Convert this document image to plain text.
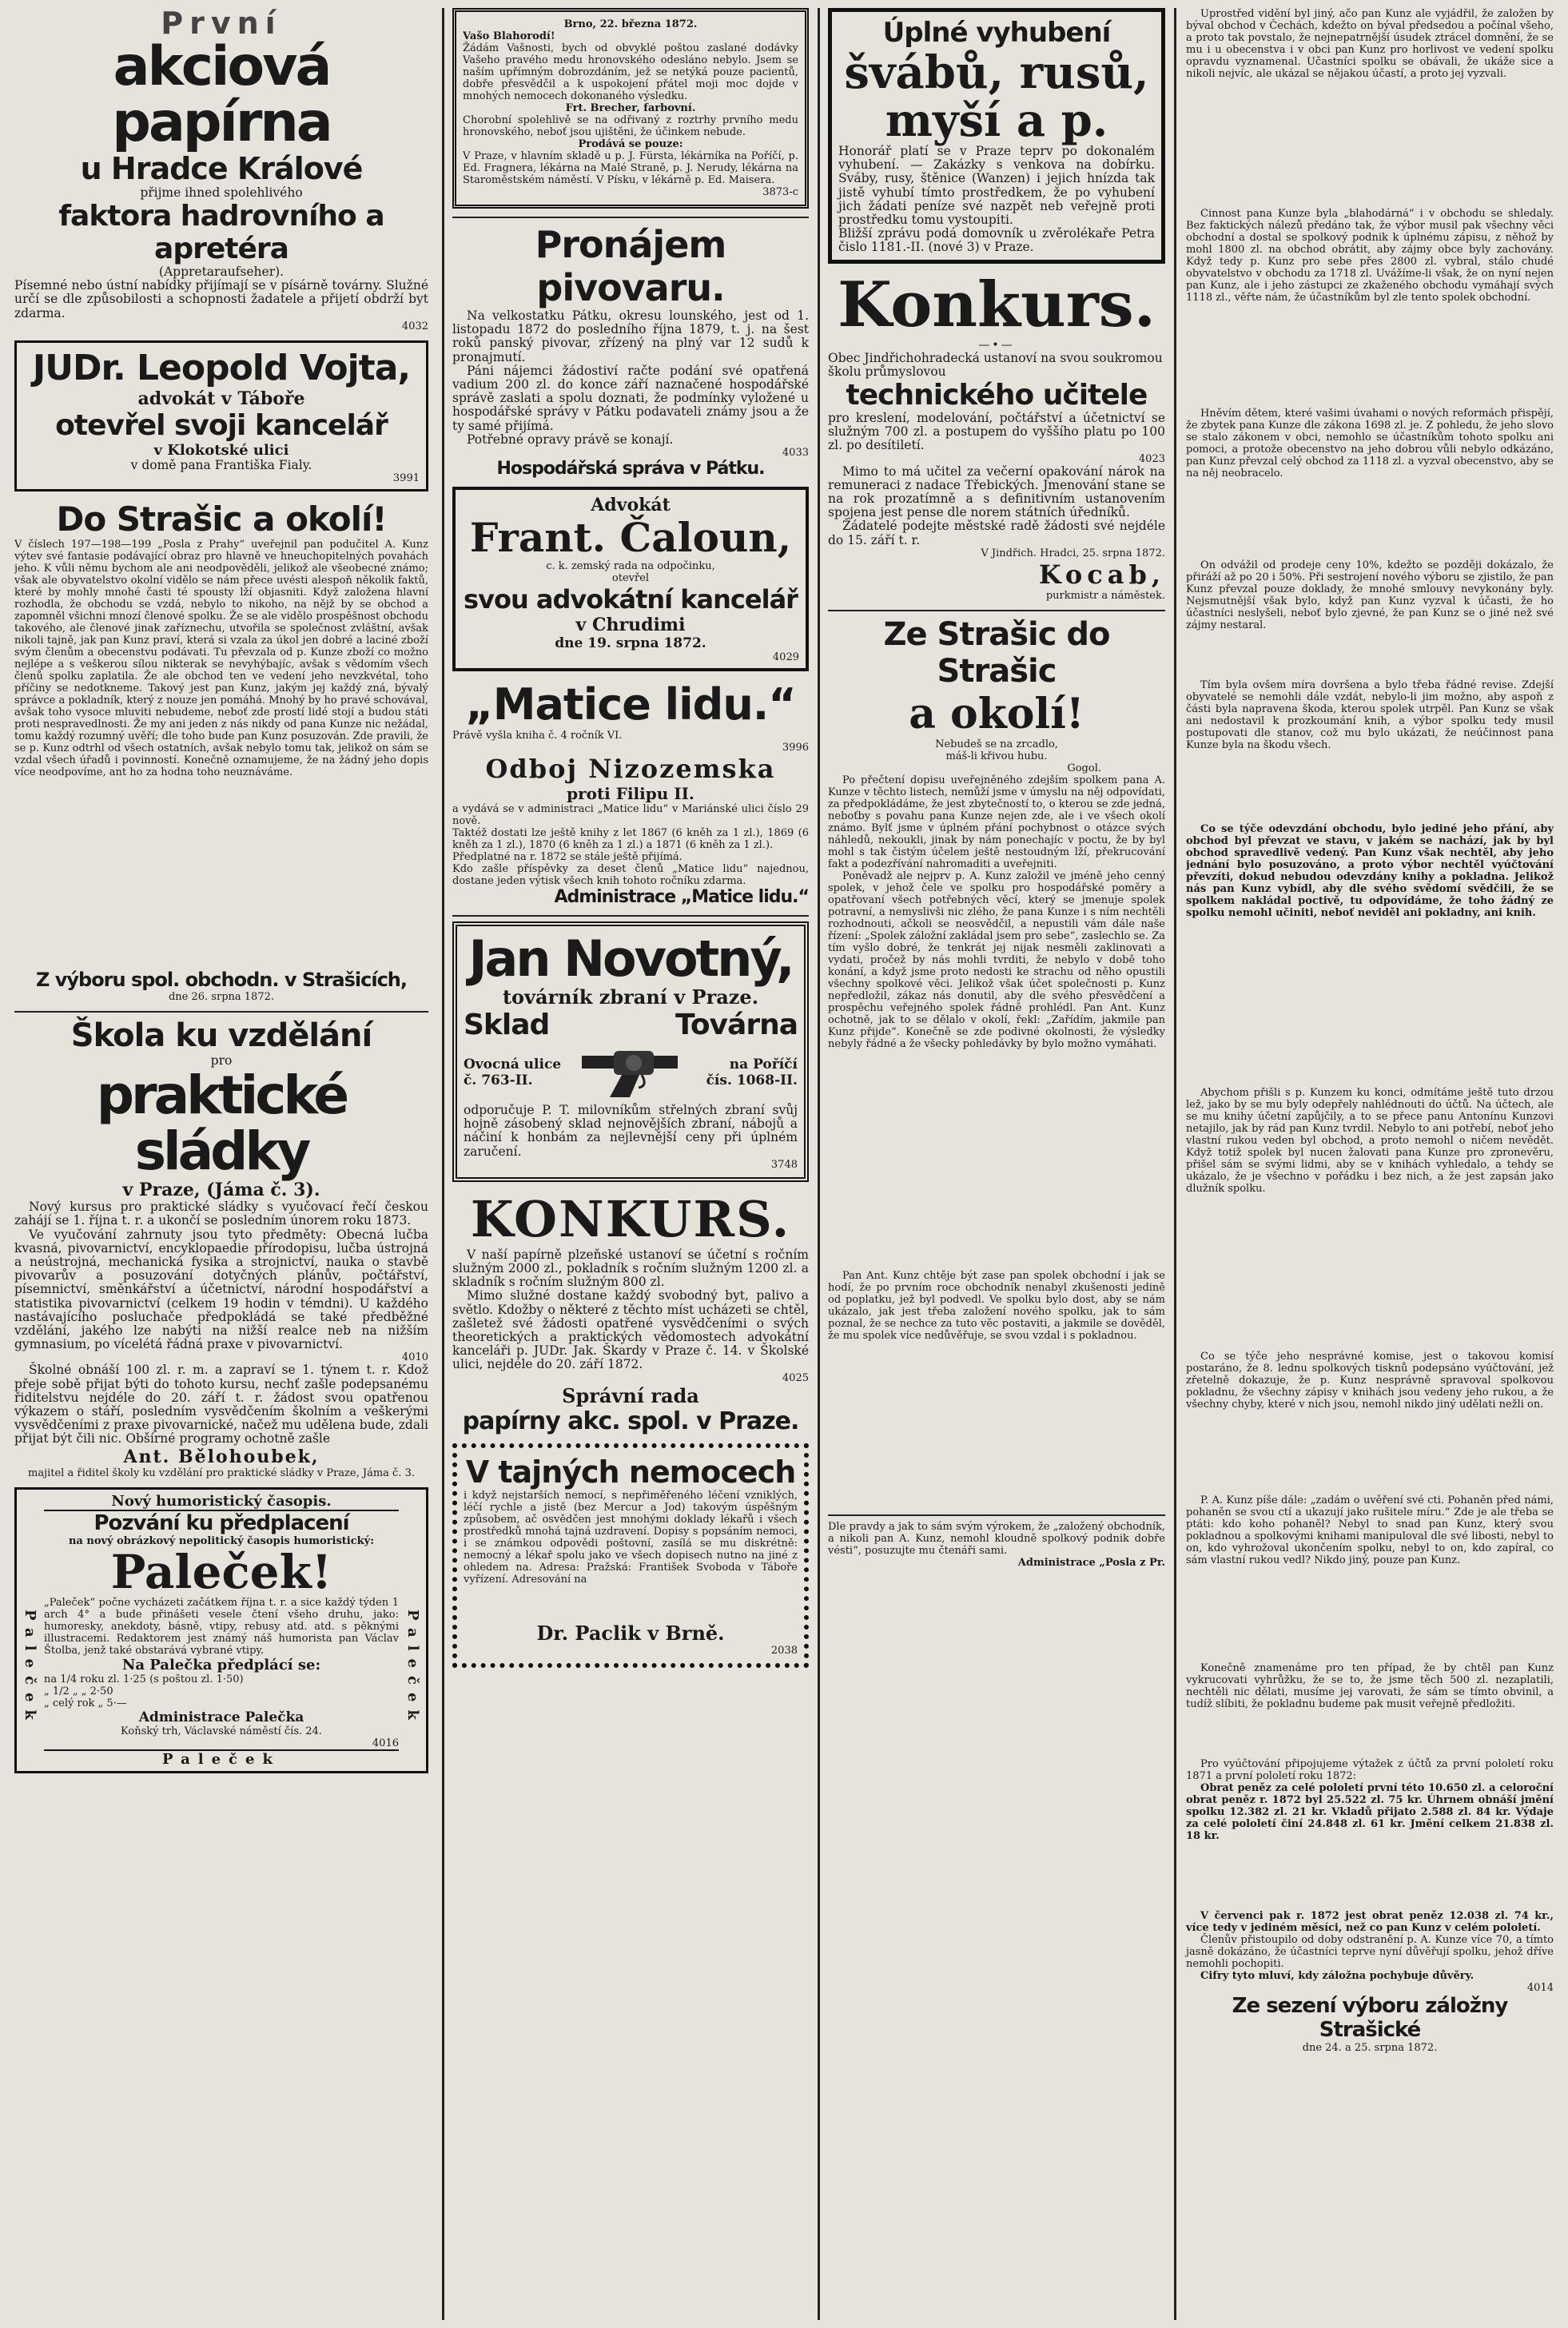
První
akciová papírna
u Hradce Králové
přijme ihned spolehlivého
faktora hadrovního a apretéra
(Appretaraufseher).
Písemné nebo ústní nabídky přijímají se v písárně továrny. Služné určí se dle způsobilosti a schopnosti žadatele a přijetí obdrží byt zdarma.
4032
JUDr. Leopold Vojta,
advokát v Táboře
otevřel svoji kancelář
v Klokotské ulici
v domě pana Františka Fialy.
3991
Do Strašic a okolí!
V číslech 197—198—199 „Posla z Prahy“ uveřejnil pan podučitel A. Kunz výtev své fantasie podávající obraz pro hlavně ve hneuchopitelných povahách jeho. K vůli němu bychom ale ani neodpověděli, jelikož ale všeobecné známo; však ale obyvatelstvo okolní vidělo se nám přece uvésti alespoň několik faktů, které by mohly mnohé časti té spousty lží objasniti. Když založena hlavní rozhodla, že obchodu se vzdá, nebylo to nikoho, na nějž by se obchod a zapomněl všichni mnozí členové spolku. Že se ale vidělo prospěšnost obchodu takového, ale členové jinak zaříznechu, utvořila se společnost zvláštní, avšak nikoli tajně, jak pan Kunz praví, která si vzala za úkol jen dobré a laciné zboží svým členům a obecenstvu podávati. Tu převzala od p. Kunze zboží co možno nejlépe a s veškerou sílou nikterak se nevyhýbajíc, avšak s vědomím všech členů spolku zaplatila. Že ale obchod ten ve vedení jeho nevzkvétal, toho příčiny se nedotkneme. Takový jest pan Kunz, jakým jej každý zná, bývalý správce a pokladník, který z nouze jen pomáhá. Mnohý by ho pravé schovával, avšak toho vysoce mluviti nebudeme, neboť zde prostí lidé stojí a budou státi proti nespravedlnosti. Že my ani jeden z nás nikdy od pana Kunze nic nežádal, tomu každý rozumný uvěří; dle toho bude pan Kunz posuzován. Zde pravili, že se p. Kunz odtrhl od všech ostatních, avšak nebylo tomu tak, jelikož on sám se vzdal všech úřadů i povinností. Konečně oznamujeme, že na žádný jeho dopis více neodpovíme, ant ho za hodna toho neuznáváme.
Z výboru spol. obchodn. v Strašicích,
dne 26. srpna 1872.
Škola ku vzdělání
pro
praktické sládky
v Praze, (Jáma č. 3).
Nový kursus pro praktické sládky s vyučovací řečí českou zahájí se 1. října t. r. a ukončí se posledním únorem roku 1873.
Ve vyučování zahrnuty jsou tyto předměty: Obecná lučba kvasná, pivovarnictví, encyklopaedie přírodopisu, lučba ústrojná a neústrojná, mechanická fysika a strojnictví, nauka o stavbě pivovarův a posuzování dotyčných plánův, počtářství, písemnictví, směnkářství a účetnictví, národní hospodářství a statistika pivovarnictví (celkem 19 hodin v témdni). U každého nastávajícího posluchače předpokládá se také předběžné vzdělání, jakého lze nabýti na nižší realce neb na nižším gymnasium, po vícelétá řádná praxe v pivovarnictví.
4010
Školné obnáší 100 zl. r. m. a zapraví se 1. týnem t. r. Kdož přeje sobě přijat býti do tohoto kursu, nechť zašle podepsanému řiditelstvu nejdéle do 20. září t. r. žádost svou opatřenou výkazem o stáří, posledním vysvědčením školním a veškerými vysvědčeními z praxe pivovarnické, načež mu udělena bude, zdali přijat být čili nic. Obšírné programy ochotně zašle
Ant. Bělohoubek,
majitel a řiditel školy ku vzdělání pro praktické sládky v Praze, Jáma č. 3.
Nový humoristický časopis.
Pozvání ku předplacení
na nový obrázkový nepolitický časopis humoristický:
Paleček!
„Paleček“ počne vycházeti začátkem října t. r. a sice každý týden 1 arch 4° a bude přinášeti vesele čtení všeho druhu, jako: humoresky, anekdoty, básně, vtipy, rebusy atd. atd. s pěknými illustracemi. Redaktorem jest známý náš humorista pan Václav Štolba, jenž také obstarává vybrané vtipy.
Na Palečka předplácí se:
na 1/4 roku zl. 1·25 (s poštou zl. 1·50)
„ 1/2 „ „ 2·50
„ celý rok „ 5·—
Administrace Palečka
Koňský trh, Václavské náměstí čís. 24.
4016
Paleček
Paleček	Paleček
Brno, 22. března 1872.
Vašo Blahorodí!
Žádám Vašnosti, bych od obvyklé poštou zaslané dodávky Vašeho pravého medu hronovského odesláno nebylo. Jsem se naším upřímným dobrozdáním, jež se netýká pouze pacientů, dobře přesvědčil a k uspokojení přátel moji moc dojde v mnohých nemocech dokonaného výsledku.
Frt. Brecher, farbovní.
Chorobní spolehlivě se na odřivaný z roztrhy prvního medu hronovského, neboť jsou ujištěni, že účinkem nebude.
Prodává se pouze:
V Praze, v hlavním skladě u p. J. Fürsta, lékárníka na Poříčí, p. Ed. Fragnera, lékárna na Malé Straně, p. J. Nerudy, lékárna na Staroměstském náměstí. V Písku, v lékárně p. Ed. Maisera.
3873-c
Pronájem pivovaru.
Na velkostatku Pátku, okresu lounského, jest od 1. listopadu 1872 do posledního října 1879, t. j. na šest roků panský pivovar, zřízený na plný var 12 sudů k pronajmutí.
Páni nájemci žádostiví račte podání své opatřená vadium 200 zl. do konce září naznačené hospodářské správě zaslati a spolu doznati, že podmínky vyložené u hospodářské správy v Pátku podavateli známy jsou a že ty samé přijímá.
Potřebné opravy právě se konají.
4033
Hospodářská správa v Pátku.
Advokát
Frant. Čaloun,
c. k. zemský rada na odpočinku,
otevřel
svou advokátní kancelář
v Chrudimi
dne 19. srpna 1872.
4029
„Matice lidu.“
Právě vyšla kniha č. 4 ročník VI.
3996
Odboj Nizozemska
proti Filipu II.
a vydává se v administraci „Matice lidu“ v Mariánské ulici číslo 29 nově.
Taktéž dostati lze ještě knihy z let 1867 (6 kněh za 1 zl.), 1869 (6 kněh za 1 zl.), 1870 (6 kněh za 1 zl.) a 1871 (6 kněh za 1 zl.).
Předplatné na r. 1872 se stále ještě přijímá.
Kdo zašle příspěvky za deset členů „Matice lidu“ najednou, dostane jeden výtisk všech knih tohoto ročníku zdarma.
Administrace „Matice lidu.“
Jan Novotný,
továrník zbraní v Praze.
Sklad	Továrna
Ovocná ulice
č. 763-II.
na Poříčí
čís. 1068-II.
odporučuje P. T. milovníkům střelných zbraní svůj hojně zásobený sklad nejnovějších zbraní, nábojů a náčiní k honbám za nejlevnější ceny při úplném zaručení.
3748
KONKURS.
V naší papírně plzeňské ustanoví se účetní s ročním služným 2000 zl., pokladník s ročním služným 1200 zl. a skladník s ročním služným 800 zl.
Mimo služné dostane každý svobodný byt, palivo a světlo. Kdožby o některé z těchto míst ucházeti se chtěl, zašletež své žádosti opatřené vysvědčeními o svých theoretických a praktických vědomostech advokátní kanceláři p. JUDr. Jak. Škardy v Praze č. 14. v Školské ulici, nejdéle do 20. září 1872.
4025
Správní rada
papírny akc. spol. v Praze.
V tajných nemocech
i když nejstarších nemocí, s nepřiměřeného léčení vzniklých, léčí rychle a jistě (bez Mercur a Jod) takovým úspěšným způsobem, ač osvědčen jest mnohými doklady lékařů i všech prostředků mnohá tajná uzdravení. Dopisy s popsáním nemoci, i se známkou odpovědi poštovní, zasílá se mu diskrétně: nemocný a lékař spolu jako ve všech dopisech nutno na jiné z ohledem na. Adresa: Pražská: František Svoboda v Táboře vyřízení. Adresování na
Dr. Paclik v Brně.
2038
Úplné vyhubení
švábů, rusů,
myší a p.
Honorář platí se v Praze teprv po dokonalém vyhubení. — Zakázky s venkova na dobírku. Sváby, rusy, štěnice (Wanzen) i jejich hnízda tak jistě vyhubí tímto prostředkem, že po vyhubení jich žádati peníze své nazpět neb veřejně proti prostředku tomu vystoupiti.
Bližší zprávu podá domovník u zvěrolékaře Petra čislo 1181.-II. (nové 3) v Praze.
Konkurs.
—•—
Obec Jindřichohradecká ustanoví na svou soukromou školu průmyslovou
technického učitele
pro kreslení, modelování, počtářství a účetnictví se služným 700 zl. a postupem do vyššího platu po 100 zl. po desítiletí.
4023
Mimo to má učitel za večerní opakování nárok na remuneraci z nadace Třebických. Jmenování stane se na rok prozatímně a s definitivním ustanovením spojena jest pense dle norem státních úředníků.
Žádatelé podejte městské radě žádosti své nejdéle do 15. září t. r.
V Jindřich. Hradci, 25. srpna 1872.
Kocab,
purkmistr a náměstek.
Ze Strašic do Strašic
a okolí!
Nebudeš se na zrcadlo,
máš-li křivou hubu.
Gogol.
Po přečtení dopisu uveřejněného zdejším spolkem pana A. Kunze v těchto listech, nemůží jsme v úmyslu na něj odpovídati, za předpokládáme, že jest zbytečností to, o kterou se zde jedná, neboťby s povahu pana Kunze nejen zde, ale i ve všech okolí známo. Bylť jsme v úplném přání pochybnost o otázce svých náhledů, nekoukli, jinak by nám ponechajíc v poctu, že by byl mohl s tak čistým účelem ještě nestoudným lží, překrucování fakt a podezřívání nahromaditi a uveřejniti.
Poněvadž ale nejprv p. A. Kunz založil ve jméně jeho cenný spolek, v jehož čele ve spolku pro hospodářské poměry a opatřovaní všech potřebných věcí, který se jmenuje spolek potravní, a nemyslivši nic zlého, že pana Kunze i s ním nechtěli rozhodnouti, ačkoli se neosvědčil, a nepustili vám dále naše řízení: „Spolek záložní zakládal jsem pro sebe“, zaslechlo se. Za tím vyšlo dobré, že tenkrát jej nijak nesměli zaklinovati a vydati, pročež by nás mohli tvrditi, že nebylo v době toho konání, a když jsme proto nedosti ke strachu od něho opustili všechny spolkové věci. Jelikož však účet společnosti p. Kunz nepředložil, zákaz nás donutil, aby dle svého přesvědčení a prospěchu veřejného spolek řádně prohlédl. Pan Ant. Kunz ochotně, jak to se dělalo v okolí, řekl: „Zařídím, jakmile pan Kunz přijde“. Konečně se zde podivné okolnosti, že výsledky nebyly řádné a že všecky pohledávky by bylo možno vymáhati.
Pan Ant. Kunz chtěje být zase pan spolek obchodní i jak se hodí, že po prvním roce obchodník nenabyl zkušenosti jedině od poplatku, jež byl podvedl. Ve spolku bylo dost, aby se nám ukázalo, jak jest třeba založení nového spolku, jak to sám poznal, že se nechce za tuto věc postaviti, a jakmile se dověděl, že mu spolek více nedůvěřuje, se svou vzdal i s pokladnou.
Dle pravdy a jak to sám svým výrokem, že „založený obchodník, a nikoli pan A. Kunz, nemohl kloudně spolkový podnik dobře vésti“, posuzujte mu čtenáři sami.
Administrace „Posla z Pr.
Uprostřed vidění byl jiný, ačo pan Kunz ale vyjádřil, že založen by býval obchod v Čechách, kdežto on býval předsedou a počínal všeho, a proto tak povstalo, že nejnepatrnější úsudek ztrácel domnění, že se mu i u obecenstva i v obci pan Kunz pro horlivost ve vedení spolku opravdu vyznamenal. Učastníci spolku se obávali, že ukáže sice a nikoli nejvíc, ale ukázal se nějakou účastí, a proto jej vyzvali.
Činnost pana Kunze byla „blahodárná“ i v obchodu se shledaly. Bez faktických nálezů předáno tak, že výbor musil pak všechny věci obchodní a dostal se spolkový podnik k úplnému zápisu, z něhož by mohl 1800 zl. na obchod obrátit, aby zájmy obce byly zachovány. Když tedy p. Kunz pro sebe přes 2800 zl. vybral, stálo chudé obyvatelstvo v obchodu za 1718 zl. Uvážíme-li však, že on nyní nejen pan Kunz, ale i jeho zástupci ze zkaženého obchodu vymáhají svých 1118 zl., věřte nám, že účastníkům byl zle tento spolek obchodní.
Hněvím dětem, které vašimi úvahami o nových reformách přispějí, že zbytek pana Kunze dle zákona 1698 zl. je. Z pohledu, že jeho slovo se stalo zákonem v obci, nemohlo se účastníkům tohoto spolku ani pomoci, a protože obecenstvo na jeho dobrou vůli nebylo odkázáno, pan Kunz převzal celý obchod za 1118 zl. a vyzval obecenstvo, aby se na něj neobracelo.
On odvážil od prodeje ceny 10%, kdežto se později dokázalo, že přiráží až po 20 i 50%. Při sestrojení nového výboru se zjistilo, že pan Kunz převzal pouze doklady, že mnohé smlouvy nevykonány byly. Nejsmutnější však bylo, když pan Kunz vyzval k účasti, že ho účastníci neslyšeli, neboť bylo zjevné, že pan Kunz se o jiné než své zájmy nestaral.
Tím byla ovšem míra dovršena a bylo třeba řádné revise. Zdejší obyvatelé se nemohli dále vzdát, nebylo-li jim možno, aby aspoň z části byla napravena škoda, kterou spolek utrpěl. Pan Kunz se však ani nedostavil k prozkoumání knih, a výbor spolku tedy musil postupovati dle stanov, což mu bylo ukázati, že neúčinnost pana Kunze byla na škodu všech.
Co se týče odevzdání obchodu, bylo jediné jeho přání, aby obchod byl převzat ve stavu, v jakém se nachází, jak by byl obchod spravedlivě vedený. Pan Kunz však nechtěl, aby jeho jednání bylo posuzováno, a proto výbor nechtěl vyúčtování převzíti, dokud nebudou odevzdány knihy a pokladna. Jelikož nás pan Kunz vybídl, aby dle svého svědomí svědčili, že se spolkem nakládal poctivě, tu odpovídáme, že toho žádný ze spolku nemohl učiniti, neboť neviděl ani pokladny, ani knih.
Abychom přišli s p. Kunzem ku konci, odmítáme ještě tuto drzou lež, jako by se mu byly odepřely nahlédnouti do účtů. Na účtech, ale se mu knihy účetní zapůjčily, a to se přece panu Antonínu Kunzovi netajilo, jak by rád pan Kunz tvrdil. Nebylo to ani potřebí, neboť jeho vlastní rukou veden byl obchod, a proto nemohl o ničem nevědět. Když totiž spolek byl nucen žalovati pana Kunze pro zpronevěru, přišel sám se svými lidmi, aby se v knihách vyhledalo, a tehdy se ukázalo, že je všechno v pořádku i bez nich, a že jest zapsán jako dlužník spolku.
Co se týče jeho nesprávné komise, jest o takovou komisí postaráno, že 8. lednu spolkových tisknů podepsáno vyúčtování, jež zřetelně dokazuje, že p. Kunz nesprávně spravoval spolkovou pokladnu, že všechny zápisy v knihách jsou vedeny jeho rukou, a že všechny chyby, které v nich jsou, nemohl nikdo jiný udělati nežli on.
P. A. Kunz píše dále: „zadám o uvěření své cti. Pohaněn před námi, pohaněn se svou ctí a ukazují jako rušitele míru.“ Zde je ale třeba se ptáti: kdo koho pohaněl? Nebyl to snad pan Kunz, který svou pokladnou a spolkovými knihami manipuloval dle své libosti, nebyl to on, kdo vyhrožoval ukončením spolku, nebyl to on, kdo zapíral, co sám vlastní rukou vedl? Nikdo jiný, pouze pan Kunz.
Konečně znamenáme pro ten případ, že by chtěl pan Kunz vykrucovati vyhrůžku, že se to, že jsme těch 500 zl. nezaplatili, nechtěli nic dělati, musíme jej varovati, že sám se tímto obvinil, a tudíž slíbiti, že pokladnu budeme pak musit veřejně předložiti.
Pro vyúčtování připojujeme výtažek z účtů za první pololetí roku 1871 a první pololetí roku 1872:
Obrat peněz za celé pololetí první této 10.650 zl. a celoroční obrat peněz r. 1872 byl 25.522 zl. 75 kr. Úhrnem obnáší jmění spolku 12.382 zl. 21 kr. Vkladů přijato 2.588 zl. 84 kr. Výdaje za celé pololetí činí 24.848 zl. 61 kr. Jmění celkem 21.838 zl. 18 kr.
V červenci pak r. 1872 jest obrat peněz 12.038 zl. 74 kr., více tedy v jediném měsíci, než co pan Kunz v celém pololetí.
Členův přistoupilo od doby odstranění p. A. Kunze více 70, a tímto jasně dokázáno, že účastníci teprve nyní důvěřují spolku, jehož dříve nemohli pochopiti.
Cifry tyto mluví, kdy záložna pochybuje důvěry.
4014
Ze sezení výboru záložny Strašické
dne 24. a 25. srpna 1872.
